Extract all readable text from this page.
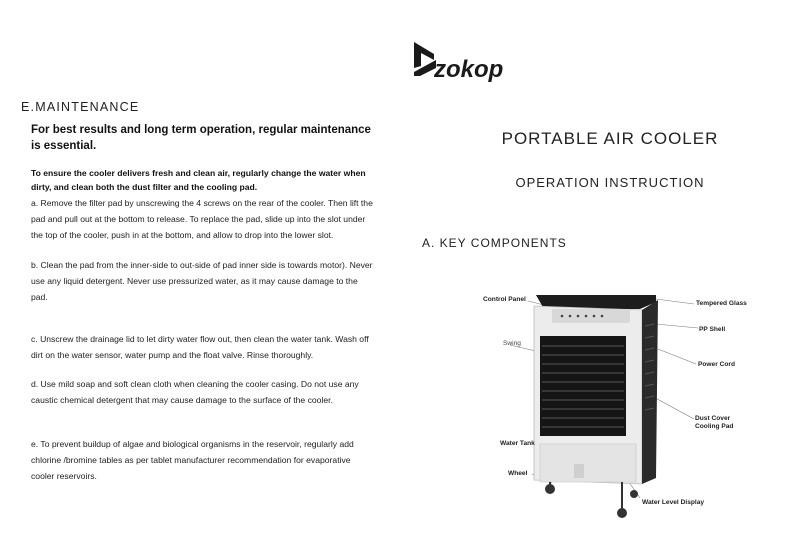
E.MAINTENANCE
For best results and long term operation, regular maintenance is essential.
To ensure the cooler delivers fresh and clean air, regularly change the water when dirty, and clean both the dust filter and the cooling pad.
a. Remove the filter pad by unscrewing the 4 screws on the rear of the cooler. Then lift the pad and pull out at the bottom to release. To replace the pad, slide up into the slot under the top of the cooler, push in at the bottom, and allow to drop into the lower slot.
b. Clean the pad from the inner-side to out-side of pad inner side is towards motor). Never use any liquid detergent. Never use pressurized water, as it may cause damage to the pad.
c. Unscrew the drainage lid to let dirty water flow out, then clean the water tank. Wash off dirt on the water sensor, water pump and the float valve. Rinse thoroughly.
d. Use mild soap and soft clean cloth when cleaning the cooler casing. Do not use any caustic chemical detergent that may cause damage to the surface of the cooler.
e. To prevent buildup of algae and biological organisms in the reservoir, regularly add chlorine /bromine tables as per tablet manufacturer recommendation for evaporative cooler reservoirs.
zokop
PORTABLE AIR COOLER
OPERATION INSTRUCTION
A. KEY COMPONENTS
Control Panel
Swing
Water Tank
Wheel
Tempered Glass
PP Shell
Power Cord
Dust Cover
Cooling Pad
Water Level Display
